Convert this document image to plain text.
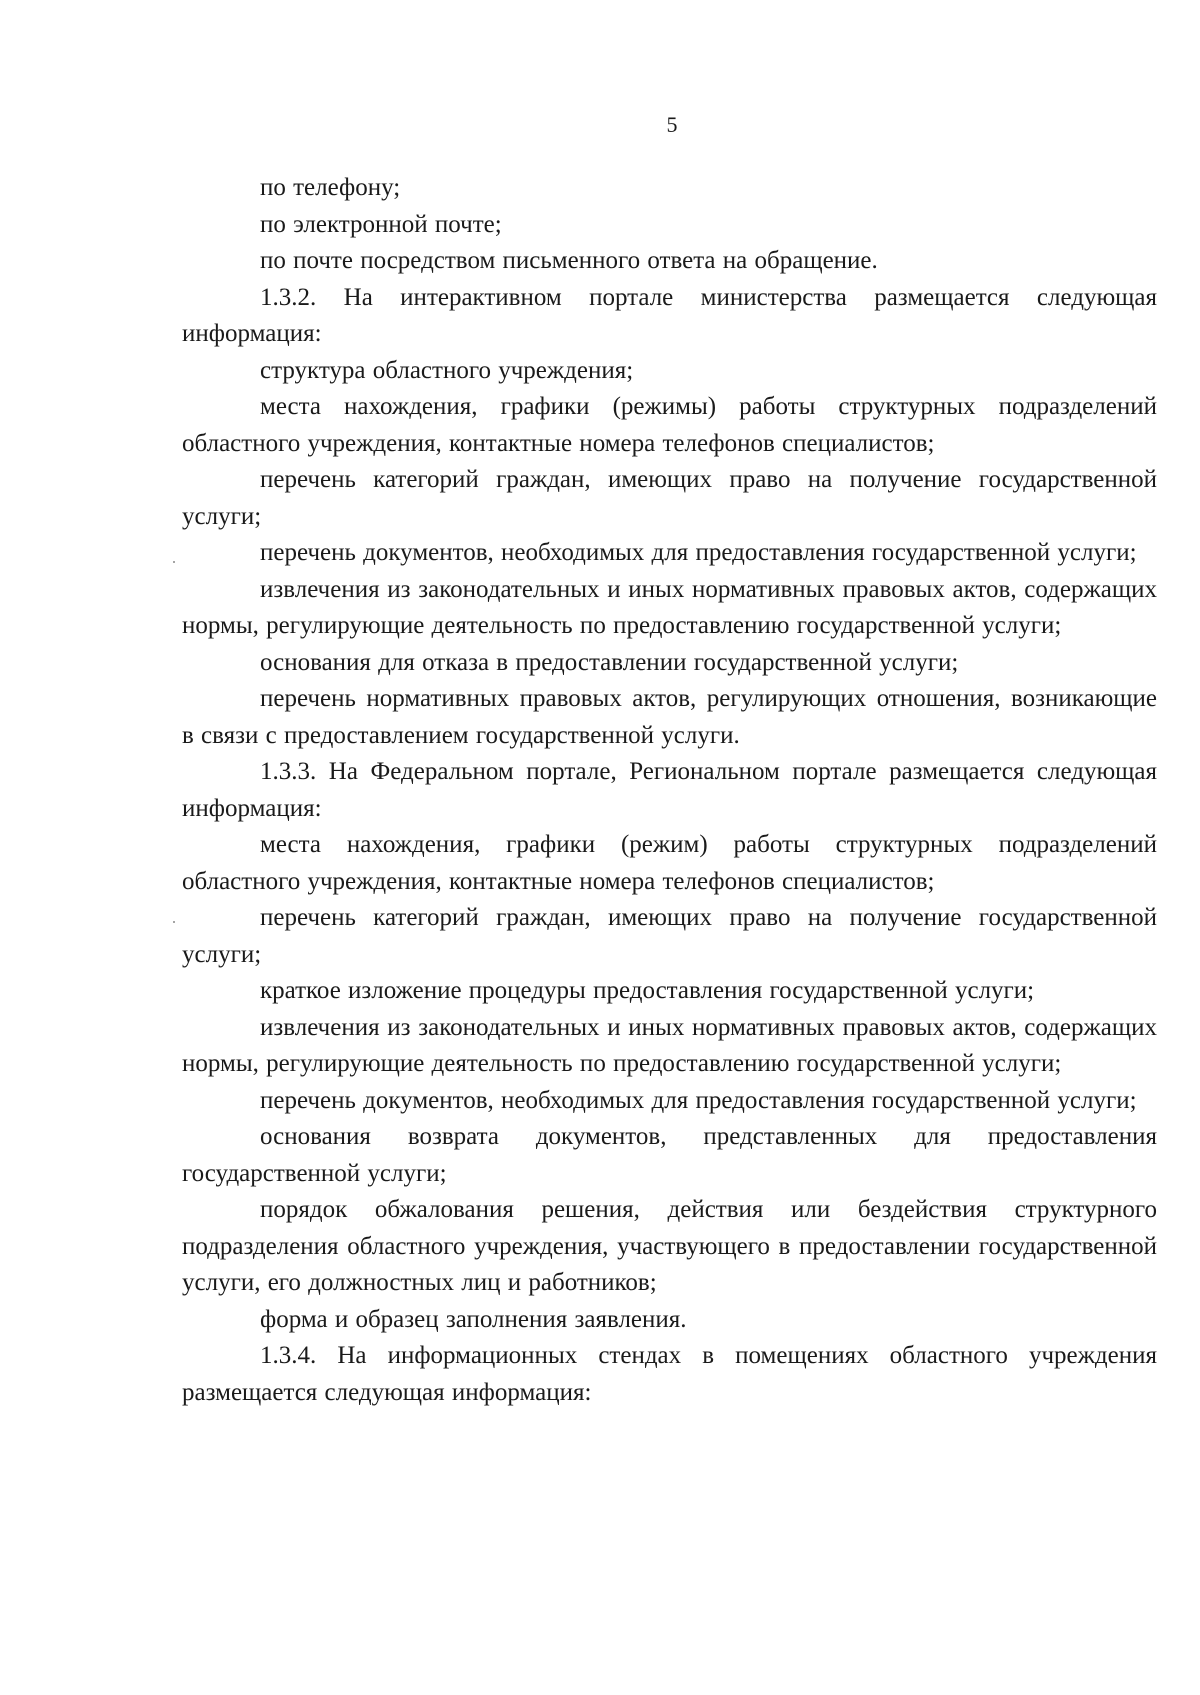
5

по телефону;

по электронной почте;

по почте посредством письменного ответа на обращение.

1.3.2. На интерактивном портале министерства размещается следующая информация:

структура областного учреждения;

места нахождения, графики (режимы) работы структурных подразделений областного учреждения, контактные номера телефонов специалистов;

перечень категорий граждан, имеющих право на получение государственной услуги;

перечень документов, необходимых для предоставления государственной услуги;

извлечения из законодательных и иных нормативных правовых актов, содержащих нормы, регулирующие деятельность по предоставлению государственной услуги;

основания для отказа в предоставлении государственной услуги;

перечень нормативных правовых актов, регулирующих отношения, возникающие в связи с предоставлением государственной услуги.

1.3.3. На Федеральном портале, Региональном портале размещается следующая информация:

места нахождения, графики (режим) работы структурных подразделений областного учреждения, контактные номера телефонов специалистов;

перечень категорий граждан, имеющих право на получение государственной услуги;

краткое изложение процедуры предоставления государственной услуги;

извлечения из законодательных и иных нормативных правовых актов, содержащих нормы, регулирующие деятельность по предоставлению государственной услуги;

перечень документов, необходимых для предоставления государственной услуги;

основания возврата документов, представленных для предоставления государственной услуги;

порядок обжалования решения, действия или бездействия структурного подразделения областного учреждения, участвующего в предоставлении государственной услуги, его должностных лиц и работников;

форма и образец заполнения заявления.

1.3.4. На информационных стендах в помещениях областного учреждения размещается следующая информация:
